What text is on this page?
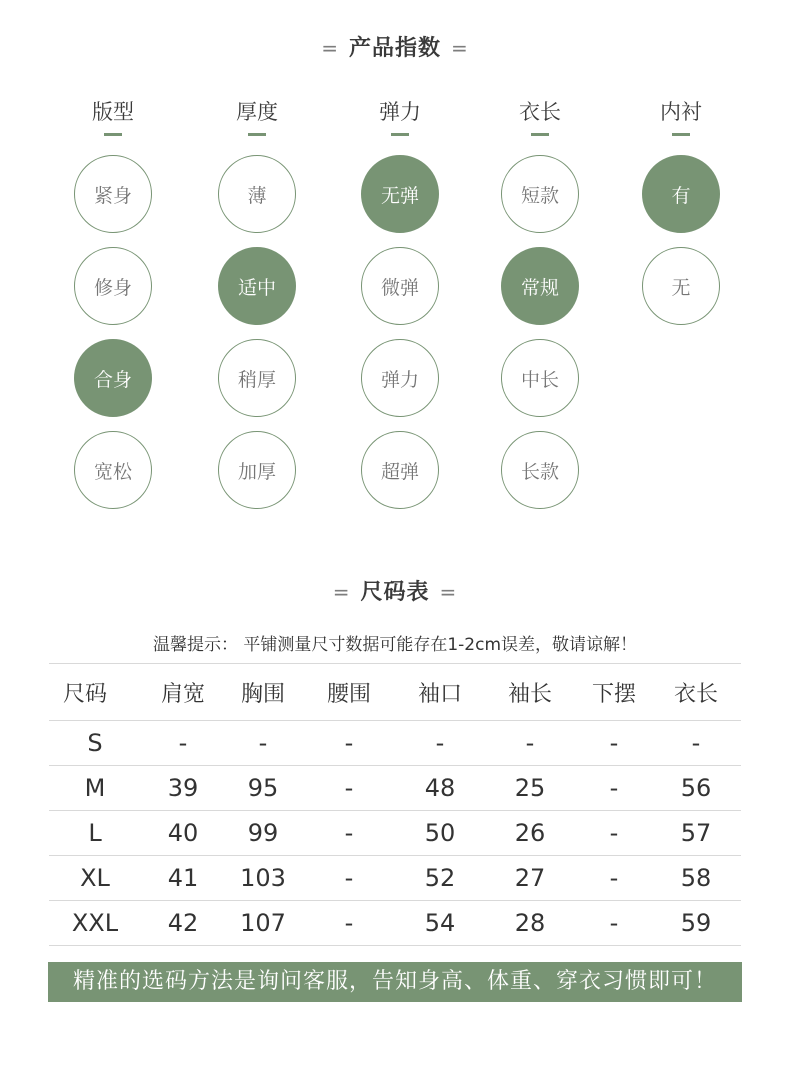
= 产品指数 =
版型
紧身
修身
合身
宽松
厚度
薄
适中
稍厚
加厚
弹力
无弹
微弹
弹力
超弹
衣长
短款
常规
中长
长款
内衬
有
无
= 尺码表 =
温馨提示： 平铺测量尺寸数据可能存在1-2cm误差，敬请谅解！
尺码	肩宽	胸围	腰围	袖口	袖长	下摆	衣长
S	-	-	-	-	-	-	-
M	39	95	-	48	25	-	56
L	40	99	-	50	26	-	57
XL	41	103	-	52	27	-	58
XXL	42	107	-	54	28	-	59
精准的选码方法是询问客服，告知身高、体重、穿衣习惯即可！
